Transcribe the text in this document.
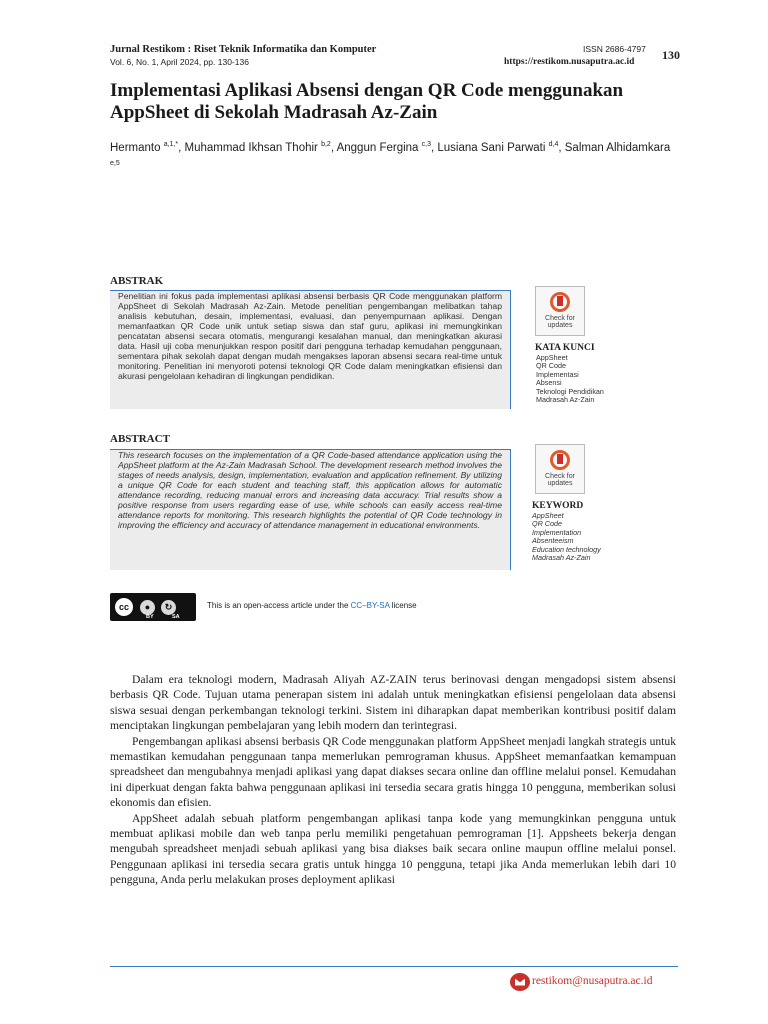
Jurnal Restikom : Riset Teknik Informatika dan Komputer
Vol. 6, No. 1, April 2024, pp. 130-136
ISSN 2686-4797
https://restikom.nusaputra.ac.id 130
Implementasi Aplikasi Absensi dengan QR Code menggunakan AppSheet di Sekolah Madrasah Az-Zain
Hermanto $^{a,1,*}$, Muhammad Ikhsan Thohir $^{b,2}$, Anggun Fergina $^{c,3}$, Lusiana Sani Parwati $^{d,4}$, Salman Alhidamkara $^{e,5}$
ABSTRAK
Penelitian ini fokus pada implementasi aplikasi absensi berbasis QR Code menggunakan platform AppSheet di Sekolah Madrasah Az-Zain. Metode penelitian pengembangan melibatkan tahap analisis kebutuhan, desain, implementasi, evaluasi, dan penyempurnaan aplikasi. Dengan memanfaatkan QR Code unik untuk setiap siswa dan staf guru, aplikasi ini memungkinkan pencatatan absensi secara otomatis, mengurangi kesalahan manual, dan meningkatkan akurasi data. Hasil uji coba menunjukkan respon positif dari pengguna terhadap kemudahan penggunaan, sementara pihak sekolah dapat dengan mudah mengakses laporan absensi secara real-time untuk monitoring. Penelitian ini menyoroti potensi teknologi QR Code dalam meningkatkan efisiensi dan akurasi pengelolaan kehadiran di lingkungan pendidikan.
Check for
updates
KATA KUNCI
AppSheet
QR Code
Implementasi
Absensi
Teknologi Pendidikan
Madrasah Az-Zain
ABSTRACT
This research focuses on the implementation of a QR Code-based attendance application using the AppSheet platform at the Az-Zain Madrasah School. The development research method involves the stages of needs analysis, design, implementation, evaluation and application refinement. By utilizing a unique QR Code for each student and teaching staff, this application allows for automatic attendance recording, reducing manual errors and increasing data accuracy. Trial results show a positive response from users regarding ease of use, while schools can easily access real-time attendance reports for monitoring. This research highlights the potential of QR Code technology in improving the efficiency and accuracy of attendance management in educational environments.
Check for
updates
KEYWORD
AppSheet
QR Code
Implementation
Absenteeism
Education technology
Madrasah Az-Zain
cc	●	↻
BY	SA
This is an open-access article under the CC–BY-SA license

Dalam era teknologi modern, Madrasah Aliyah AZ-ZAIN terus berinovasi dengan mengadopsi sistem absensi berbasis QR Code. Tujuan utama penerapan sistem ini adalah untuk meningkatkan efisiensi pengelolaan data absensi siswa sesuai dengan perkembangan teknologi terkini. Sistem ini diharapkan dapat memberikan kontribusi positif dalam menciptakan lingkungan pembelajaran yang lebih modern dan terintegrasi.

Pengembangan aplikasi absensi berbasis QR Code menggunakan platform AppSheet menjadi langkah strategis untuk memastikan kemudahan penggunaan tanpa memerlukan pemrograman khusus. AppSheet memanfaatkan kemampuan spreadsheet dan mengubahnya menjadi aplikasi yang dapat diakses secara online dan offline melalui ponsel. Kemudahan ini diperkuat dengan fakta bahwa penggunaan aplikasi ini tersedia secara gratis hingga 10 pengguna, memberikan solusi ekonomis dan efisien.

AppSheet adalah sebuah platform pengembangan aplikasi tanpa kode yang memungkinkan pengguna untuk membuat aplikasi mobile dan web tanpa perlu memiliki pengetahuan pemrograman [1]. Appsheets bekerja dengan mengubah spreadsheet menjadi sebuah aplikasi yang bisa diakses baik secara online maupun offline melalui ponsel. Penggunaan aplikasi ini tersedia secara gratis untuk hingga 10 pengguna, tetapi jika Anda memerlukan lebih dari 10 pengguna, Anda perlu melakukan proses deployment aplikasi

restikom@nusaputra.ac.id
